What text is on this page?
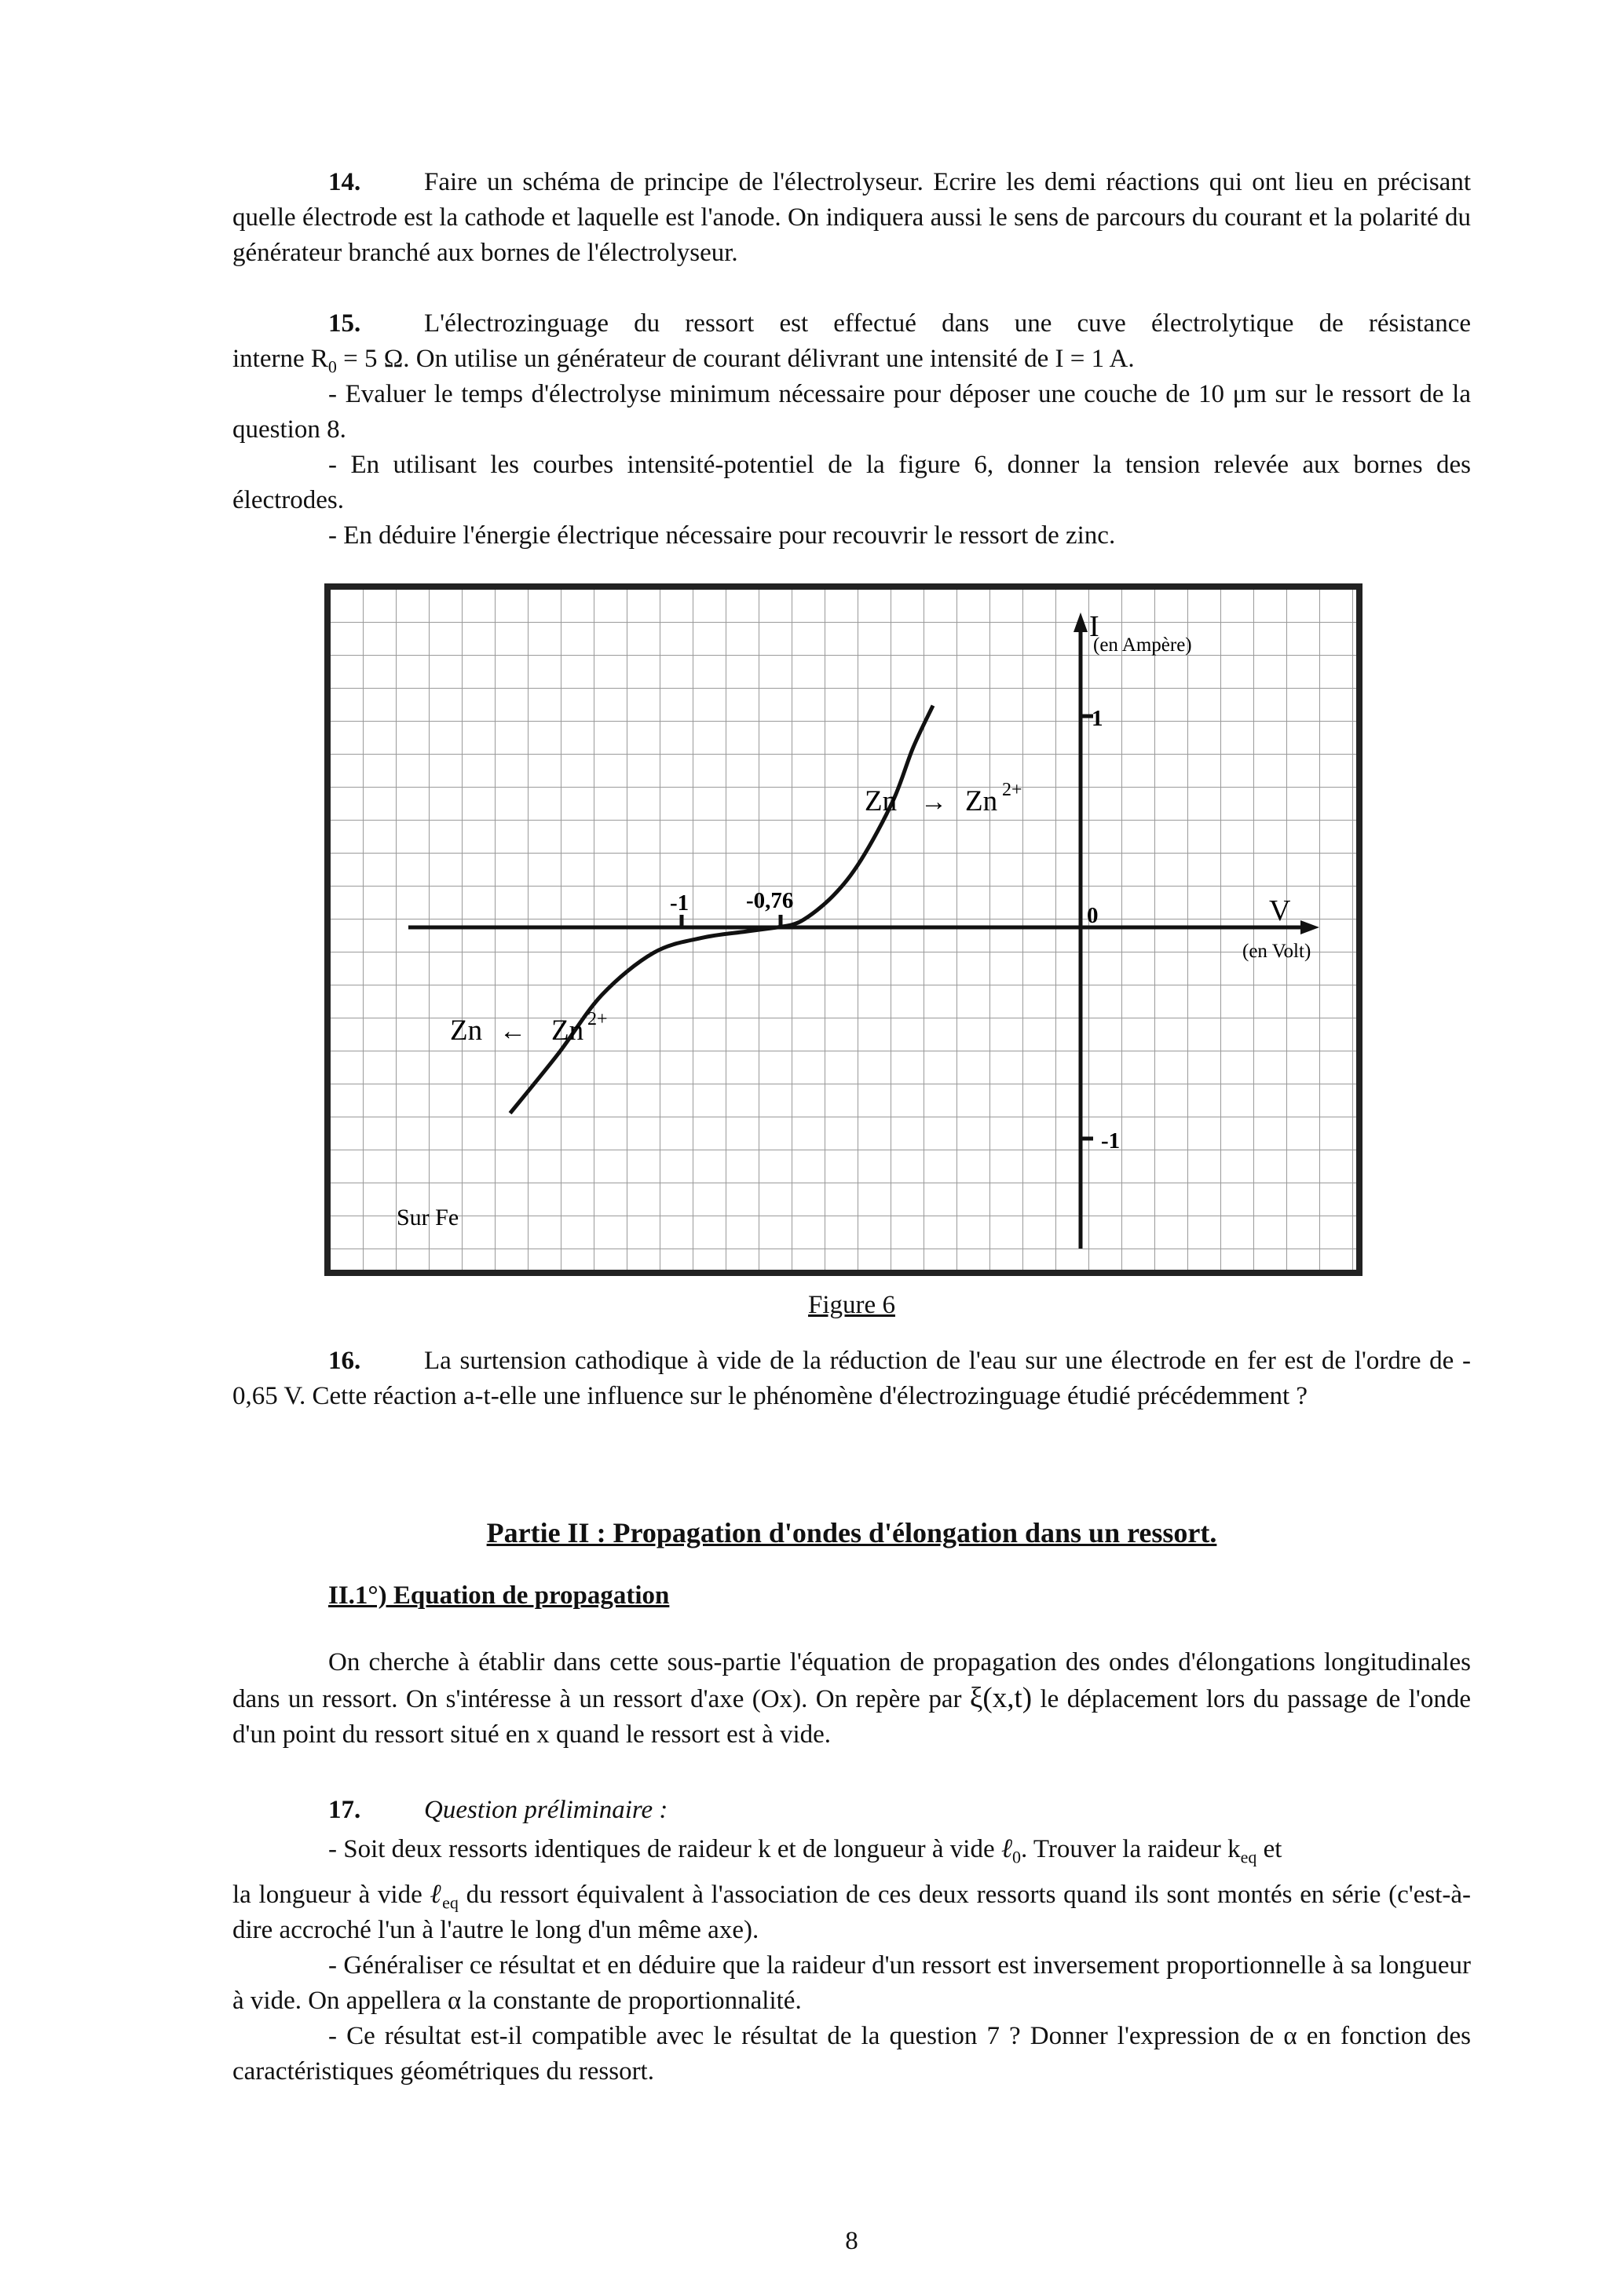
14. Faire un schéma de principe de l'électrolyseur. Ecrire les demi réactions qui ont lieu en précisant quelle électrode est la cathode et laquelle est l'anode. On indiquera aussi le sens de parcours du courant et la polarité du générateur branché aux bornes de l'électrolyseur.
15. L'électrozinguage du ressort est effectué dans une cuve électrolytique de résistance
interne $R_0 = 5$ Ω. On utilise un générateur de courant délivrant une intensité de I = 1 A.
- Evaluer le temps d'électrolyse minimum nécessaire pour déposer une couche de 10 μm sur le ressort de la question 8.
- En utilisant les courbes intensité-potentiel de la figure 6, donner la tension relevée aux bornes des électrodes.
- En déduire l'énergie électrique nécessaire pour recouvrir le ressort de zinc.
I
(en Ampère)
1
-1
0
-1	-0,76	V
(en Volt)
Zn → Zn 2+
Zn ← Zn 2+
Sur Fe
Figure 6
16. La surtension cathodique à vide de la réduction de l'eau sur une électrode en fer est de l'ordre de - 0,65 V. Cette réaction a-t-elle une influence sur le phénomène d'électrozinguage étudié précédemment ?
Partie II : Propagation d'ondes d'élongation dans un ressort.
II.1°) Equation de propagation
On cherche à établir dans cette sous-partie l'équation de propagation des ondes d'élongations longitudinales dans un ressort. On s'intéresse à un ressort d'axe (Ox). On repère par ξ(x,t) le déplacement lors du passage de l'onde d'un point du ressort situé en x quand le ressort est à vide.
17. Question préliminaire :
- Soit deux ressorts identiques de raideur k et de longueur à vide ℓ$_0$. Trouver la raideur $k_{eq}$ et
la longueur à vide ℓ$_{eq}$ du ressort équivalent à l'association de ces deux ressorts quand ils sont montés en série (c'est-à-dire accroché l'un à l'autre le long d'un même axe).
- Généraliser ce résultat et en déduire que la raideur d'un ressort est inversement proportionnelle à sa longueur à vide. On appellera α la constante de proportionnalité.
- Ce résultat est-il compatible avec le résultat de la question 7 ? Donner l'expression de α en fonction des caractéristiques géométriques du ressort.
8
